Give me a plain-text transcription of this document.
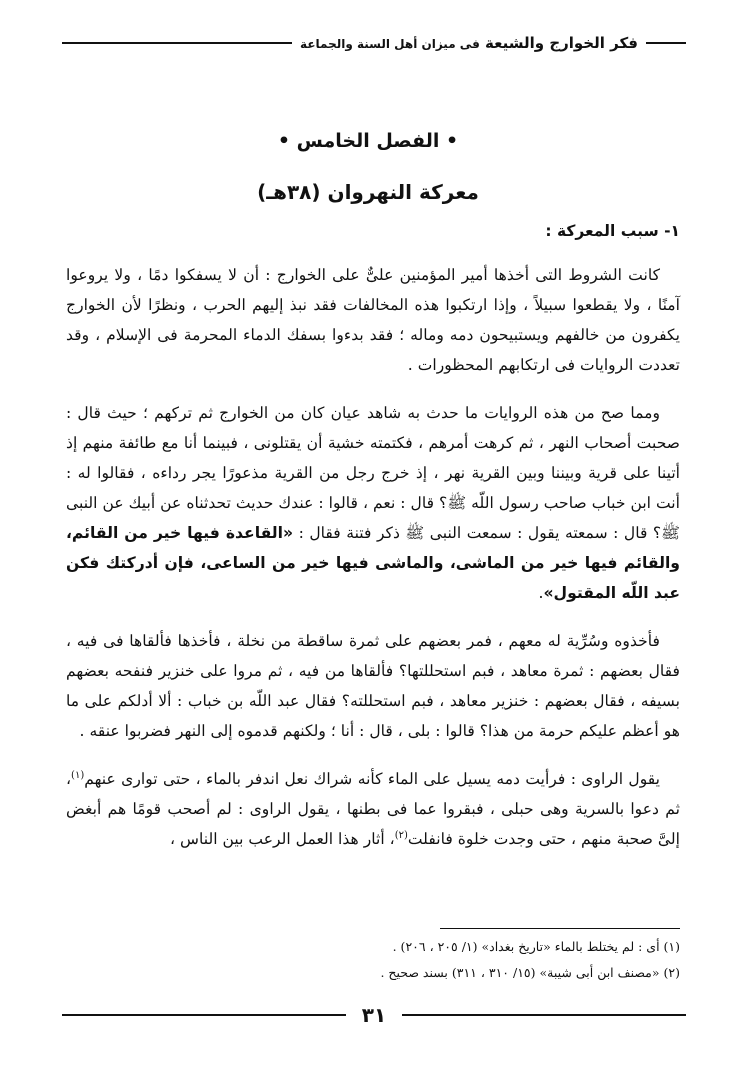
فكر الخوارج والشيعة فى ميزان أهل السنة والجماعة
• الفصل الخامس •
معركة النهروان (٣٨هـ)
١- سبب المعركة :

كانت الشروط التى أخذها أمير المؤمنين علىٌّ على الخوارج : أن لا يسفكوا دمًا ، ولا يروعوا آمنًا ، ولا يقطعوا سبيلاً ، وإذا ارتكبوا هذه المخالفات فقد نبذ إليهم الحرب ، ونظرًا لأن الخوارج يكفرون من خالفهم ويستبيحون دمه وماله ؛ فقد بدءوا بسفك الدماء المحرمة فى الإسلام ، وقد تعددت الروايات فى ارتكابهم المحظورات .

ومما صح من هذه الروايات ما حدث به شاهد عيان كان من الخوارج ثم تركهم ؛ حيث قال : صحبت أصحاب النهر ، ثم كرهت أمرهم ، فكتمته خشية أن يقتلونى ، فبينما أنا مع طائفة منهم إذ أتينا على قرية وبيننا وبين القرية نهر ، إذ خرج رجل من القرية مذعورًا يجر رداءه ، فقالوا له : أنت ابن خباب صاحب رسول اللّه ﷺ؟ قال : نعم ، قالوا : عندك حديث تحدثناه عن أبيك عن النبى ﷺ؟ قال : سمعته يقول : سمعت النبى ﷺ ذكر فتنة فقال : «القاعدة فيها خير من القائم، والقائم فيها خير من الماشى، والماشى فيها خير من الساعى، فإن أدركتك فكن عبد اللّه المقتول».

فأخذوه وسُرِّية له معهم ، فمر بعضهم على ثمرة ساقطة من نخلة ، فأخذها فألقاها فى فيه ، فقال بعضهم : ثمرة معاهد ، فبم استحللتها؟ فألقاها من فيه ، ثم مروا على خنزير فنفحه بعضهم بسيفه ، فقال بعضهم : خنزير معاهد ، فبم استحللته؟ فقال عبد اللّه بن خباب : ألا أدلكم على ما هو أعظم عليكم حرمة من هذا؟ قالوا : بلى ، قال : أنا ؛ ولكنهم قدموه إلى النهر فضربوا عنقه .

يقول الراوى : فرأيت دمه يسيل على الماء كأنه شراك نعل اندفر بالماء ، حتى توارى عنهم$^{(١)}$، ثم دعوا بالسرية وهى حبلى ، فبقروا عما فى بطنها ، يقول الراوى : لم أصحب قومًا هم أبغض إلىَّ صحبة منهم ، حتى وجدت خلوة فانفلت$^{(٢)}$، أثار هذا العمل الرعب بين الناس ،

(١) أى : لم يختلط بالماء «تاريخ بغداد» (١/ ٢٠٥ ، ٢٠٦) .
(٢) «مصنف ابن أبى شيبة» (١٥/ ٣١٠ ، ٣١١) بسند صحيح .
٣١
